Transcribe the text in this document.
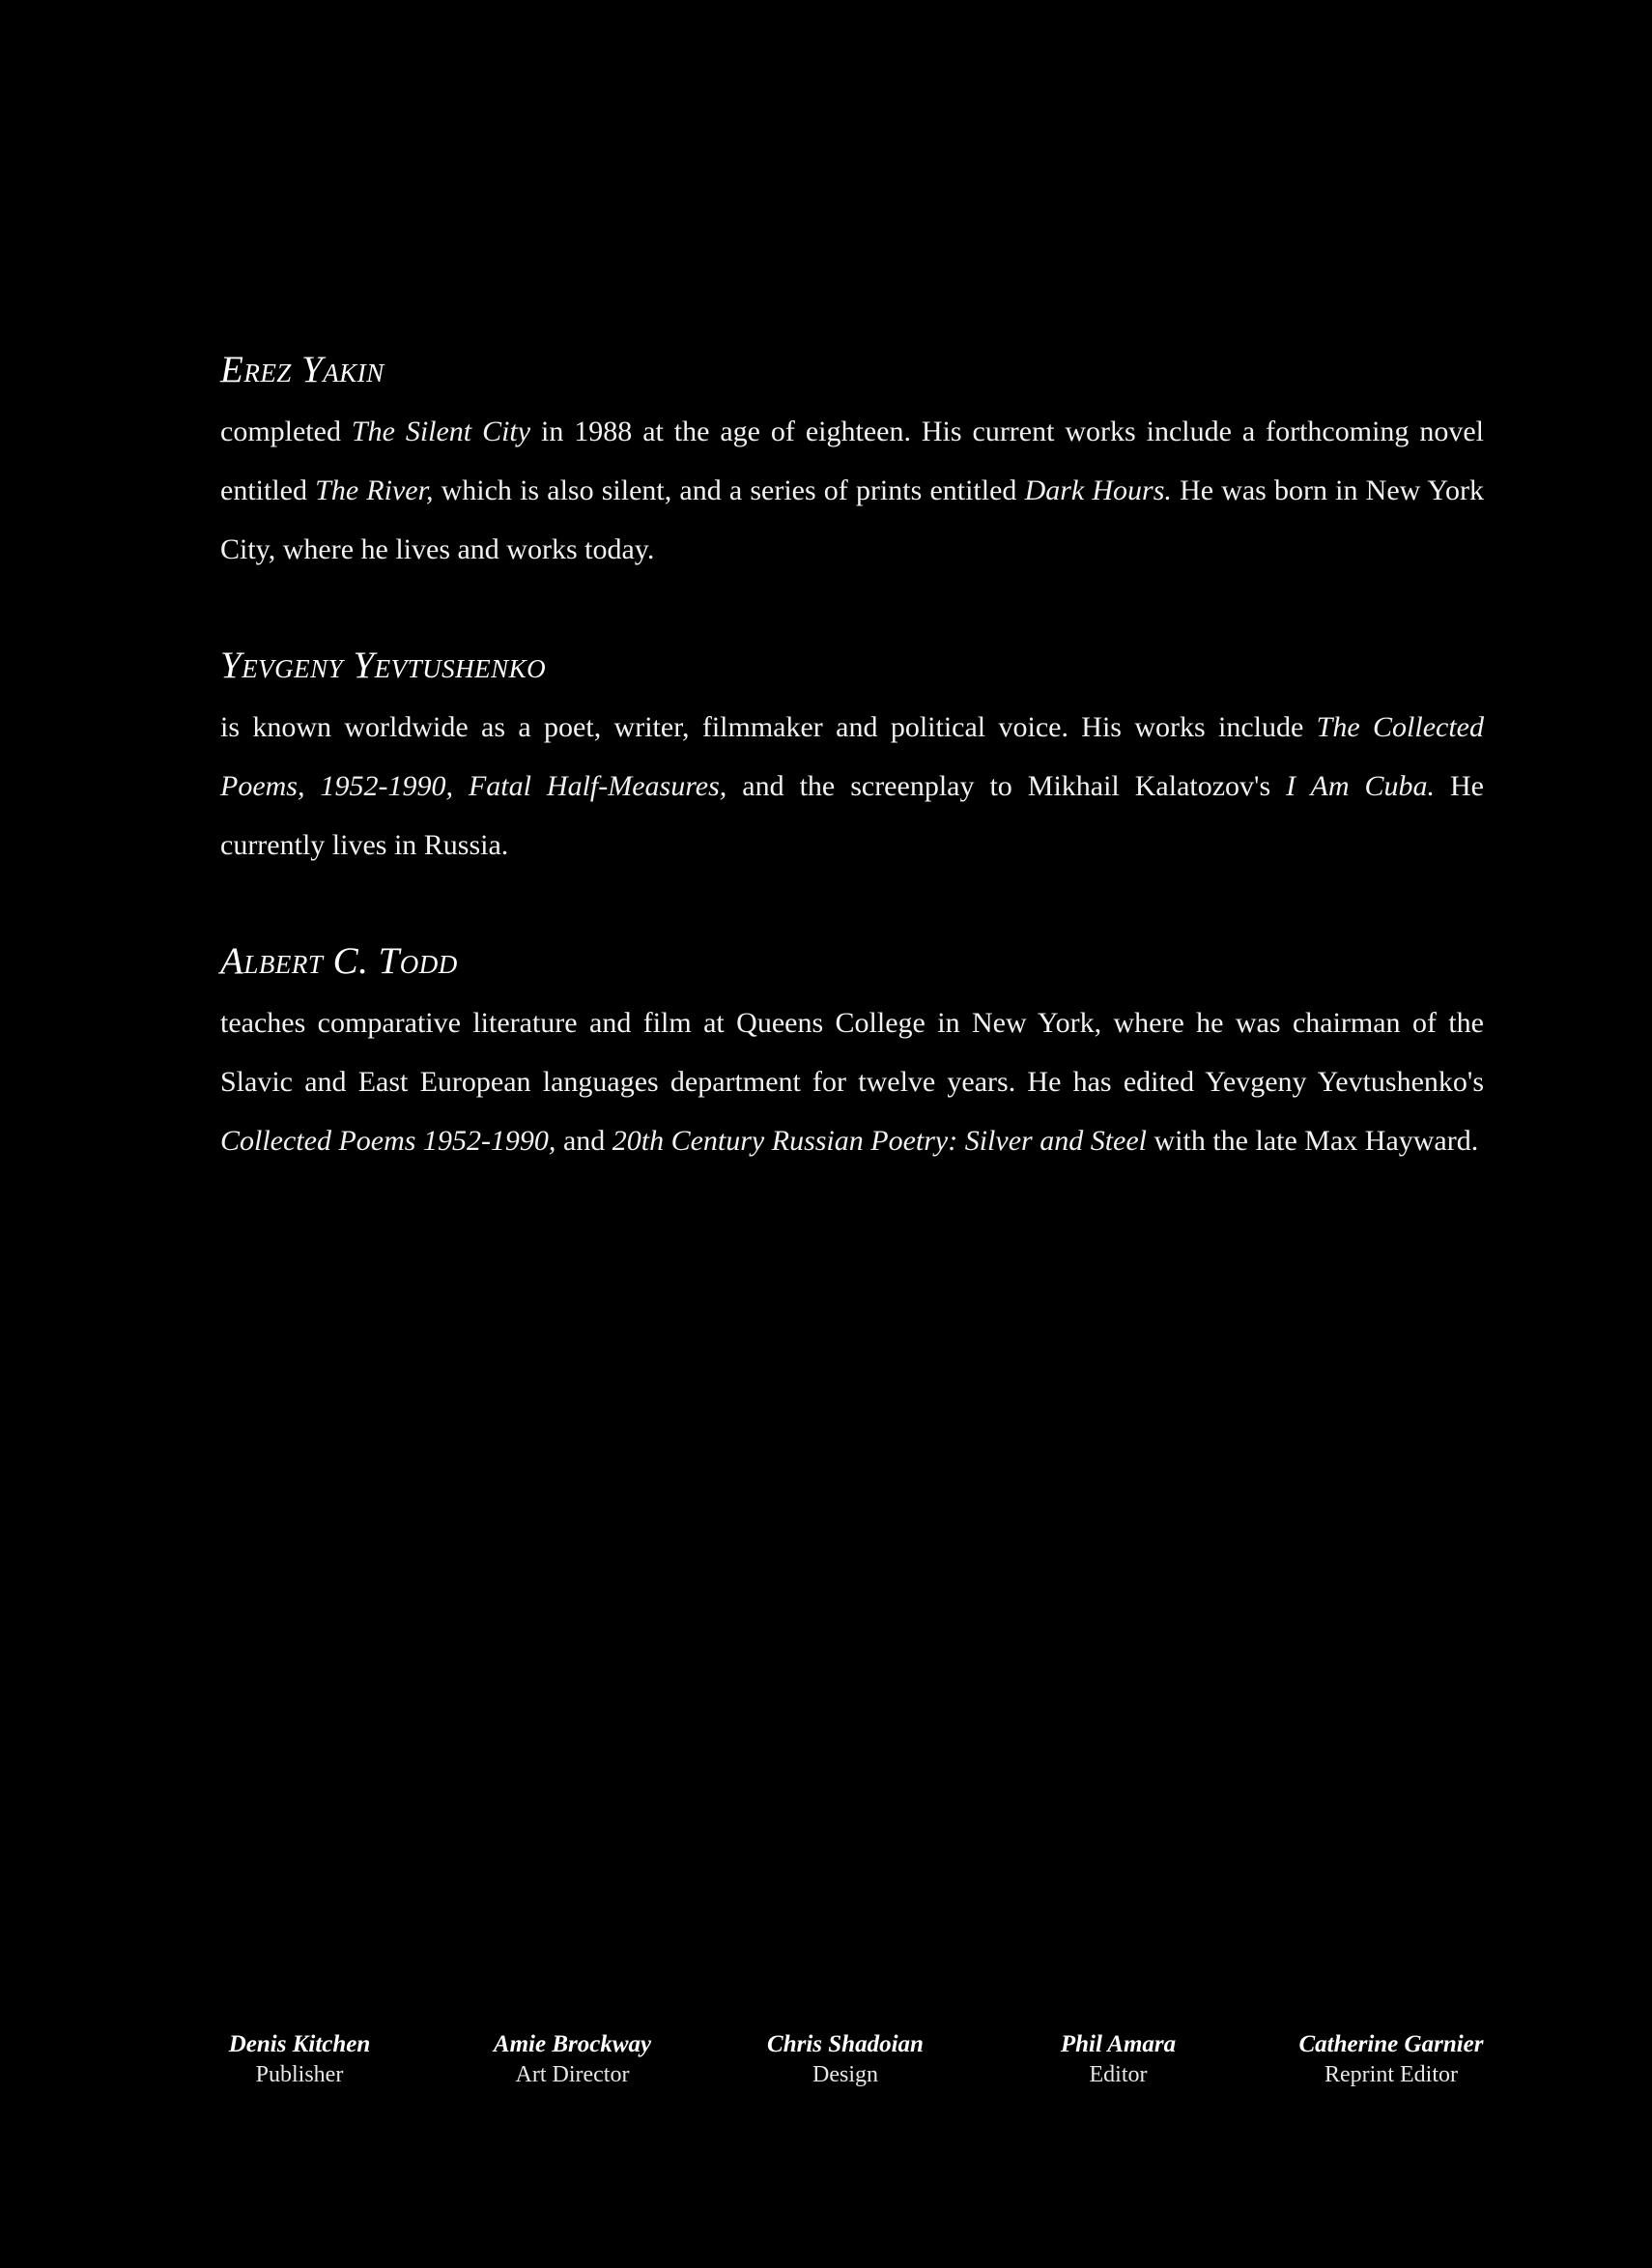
Erez Yakin

completed The Silent City in 1988 at the age of eighteen. His current works include a forthcoming novel entitled The River, which is also silent, and a series of prints entitled Dark Hours. He was born in New York City, where he lives and works today.

Yevgeny Yevtushenko

is known worldwide as a poet, writer, filmmaker and political voice. His works include The Collected Poems, 1952-1990, Fatal Half-Measures, and the screenplay to Mikhail Kalatozov's I Am Cuba. He currently lives in Russia.

Albert C. Todd

teaches comparative literature and film at Queens College in New York, where he was chairman of the Slavic and East European languages department for twelve years. He has edited Yevgeny Yevtushenko's Collected Poems 1952-1990, and 20th Century Russian Poetry: Silver and Steel with the late Max Hayward.

Denis Kitchen
Publisher
Amie Brockway
Art Director
Chris Shadoian
Design
Phil Amara
Editor
Catherine Garnier
Reprint Editor
